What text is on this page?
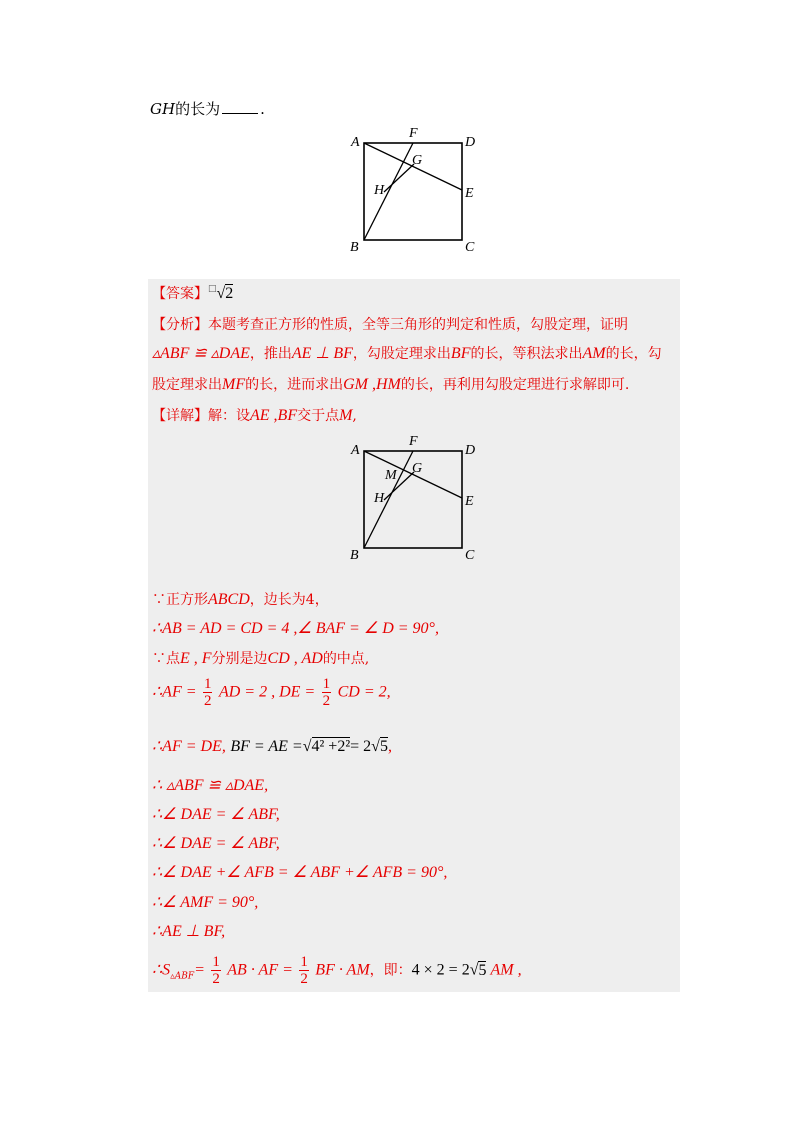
GH的长为	.
A
B	C
D
E
F
G
H
【答案】□√2
【分析】本题考查正方形的性质，全等三角形的判定和性质，勾股定理，证明
▵ABF ≌ ▵DAE，推出AE ⊥ BF，勾股定理求出BF的长，等积法求出AM的长，勾
股定理求出MF的长，进而求出GM ,HM的长，再利用勾股定理进行求解即可.
【详解】解：设AE ,BF交于点M,
A
B	C
D
E
F
G
H
M
∵正方形ABCD，边长为4，
∴AB = AD = CD = 4 ,∠ BAF = ∠ D = 90°,
∵点E , F分别是边CD , AD的中点,
∴AF = $\frac{1}{2}$ AD = 2 , DE = $\frac{1}{2}$ CD = 2,
∴AF = DE, BF = AE =√4² +2²= 2√5,
∴ ▵ABF ≌ ▵DAE,
∴∠ DAE = ∠ ABF,
∴∠ DAE = ∠ ABF,
∴∠ DAE +∠ AFB = ∠ ABF +∠ AFB = 90°,
∴∠ AMF = 90°,
∴AE ⊥ BF,
$\therefore S_{▵ABF}= \frac{1}{2}$ AB · AF = $\frac{1}{2}$ BF · AM，即：4 × 2 = 2√5 AM ,
